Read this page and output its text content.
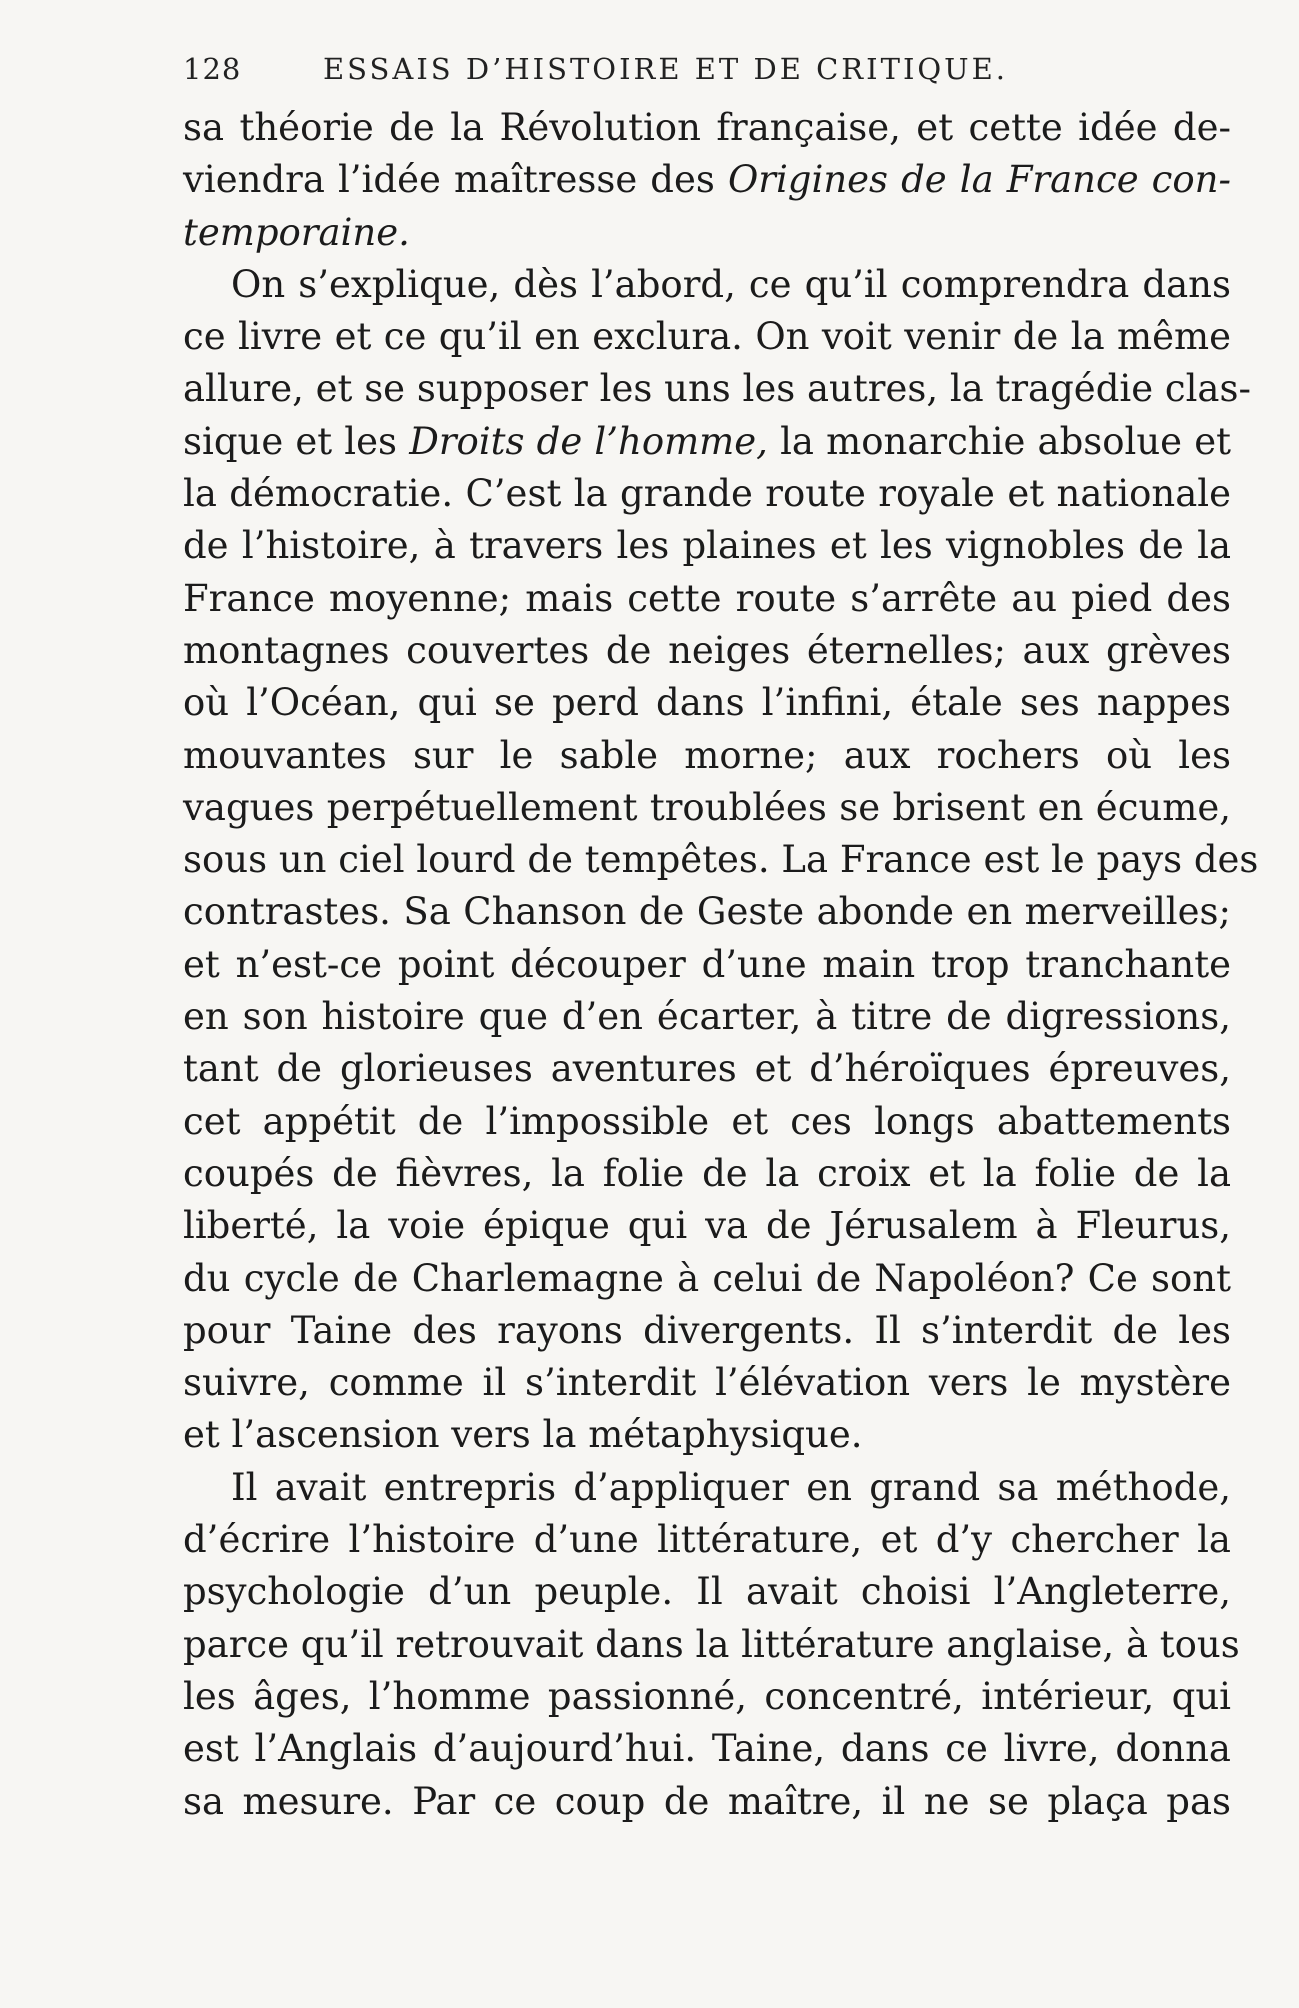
128	ESSAIS D’HISTOIRE ET DE CRITIQUE.
sa théorie de la Révolution française, et cette idée de-
viendra l’idée maîtresse des Origines de la France con-
temporaine.
On s’explique, dès l’abord, ce qu’il comprendra dans
ce livre et ce qu’il en exclura. On voit venir de la même
allure, et se supposer les uns les autres, la tragédie clas-
sique et les Droits de l’homme, la monarchie absolue et
la démocratie. C’est la grande route royale et nationale
de l’histoire, à travers les plaines et les vignobles de la
France moyenne; mais cette route s’arrête au pied des
montagnes couvertes de neiges éternelles; aux grèves
où l’Océan, qui se perd dans l’infini, étale ses nappes
mouvantes sur le sable morne; aux rochers où les
vagues perpétuellement troublées se brisent en écume,
sous un ciel lourd de tempêtes. La France est le pays des
contrastes. Sa Chanson de Geste abonde en merveilles;
et n’est-ce point découper d’une main trop tranchante
en son histoire que d’en écarter, à titre de digressions,
tant de glorieuses aventures et d’héroïques épreuves,
cet appétit de l’impossible et ces longs abattements
coupés de fièvres, la folie de la croix et la folie de la
liberté, la voie épique qui va de Jérusalem à Fleurus,
du cycle de Charlemagne à celui de Napoléon? Ce sont
pour Taine des rayons divergents. Il s’interdit de les
suivre, comme il s’interdit l’élévation vers le mystère
et l’ascension vers la métaphysique.
Il avait entrepris d’appliquer en grand sa méthode,
d’écrire l’histoire d’une littérature, et d’y chercher la
psychologie d’un peuple. Il avait choisi l’Angleterre,
parce qu’il retrouvait dans la littérature anglaise, à tous
les âges, l’homme passionné, concentré, intérieur, qui
est l’Anglais d’aujourd’hui. Taine, dans ce livre, donna
sa mesure. Par ce coup de maître, il ne se plaça pas
